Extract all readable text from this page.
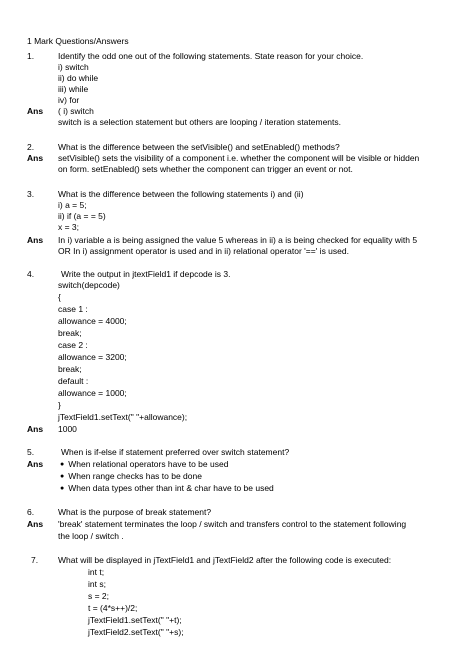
1 Mark Questions/Answers
1.	Identify the odd one out of the following statements. State reason for your choice.
i) switch
ii) do while
iii) while
iv) for
Ans ( i) switch
switch is a selection statement but others are looping / iteration statements.
2.	What is the difference between the setVisible() and setEnabled() methods?
Ans setVisible() sets the visibility of a component i.e. whether the component will be visible or hidden
on form. setEnabled() sets whether the component can trigger an event or not.
3.	What is the difference between the following statements i) and (ii)
i) a = 5;
ii) if (a = = 5)
x = 3;
Ans In i) variable a is being assigned the value 5 whereas in ii) a is being checked for equality with 5
OR In i) assignment operator is used and in ii) relational operator '==' is used.
4.	Write the output in jtextField1 if depcode is 3.
switch(depcode)
{
case 1 :
allowance = 4000;
break;
case 2 :
allowance = 3200;
break;
default :
allowance = 1000;
}
jTextField1.setText(" "+allowance);
Ans 1000
5.	When is if-else if statement preferred over switch statement?
Ans
●	When relational operators have to be used
● When range checks has to be done
● When data types other than int & char have to be used
6.	What is the purpose of break statement?
Ans 'break' statement terminates the loop / switch and transfers control to the statement following
the loop / switch .
7. What will be displayed in jTextField1 and jTextField2 after the following code is executed:
int t;
int s;
s = 2;
t = (4*s++)/2;
jTextField1.setText(" "+t);
jTextField2.setText(" "+s);
